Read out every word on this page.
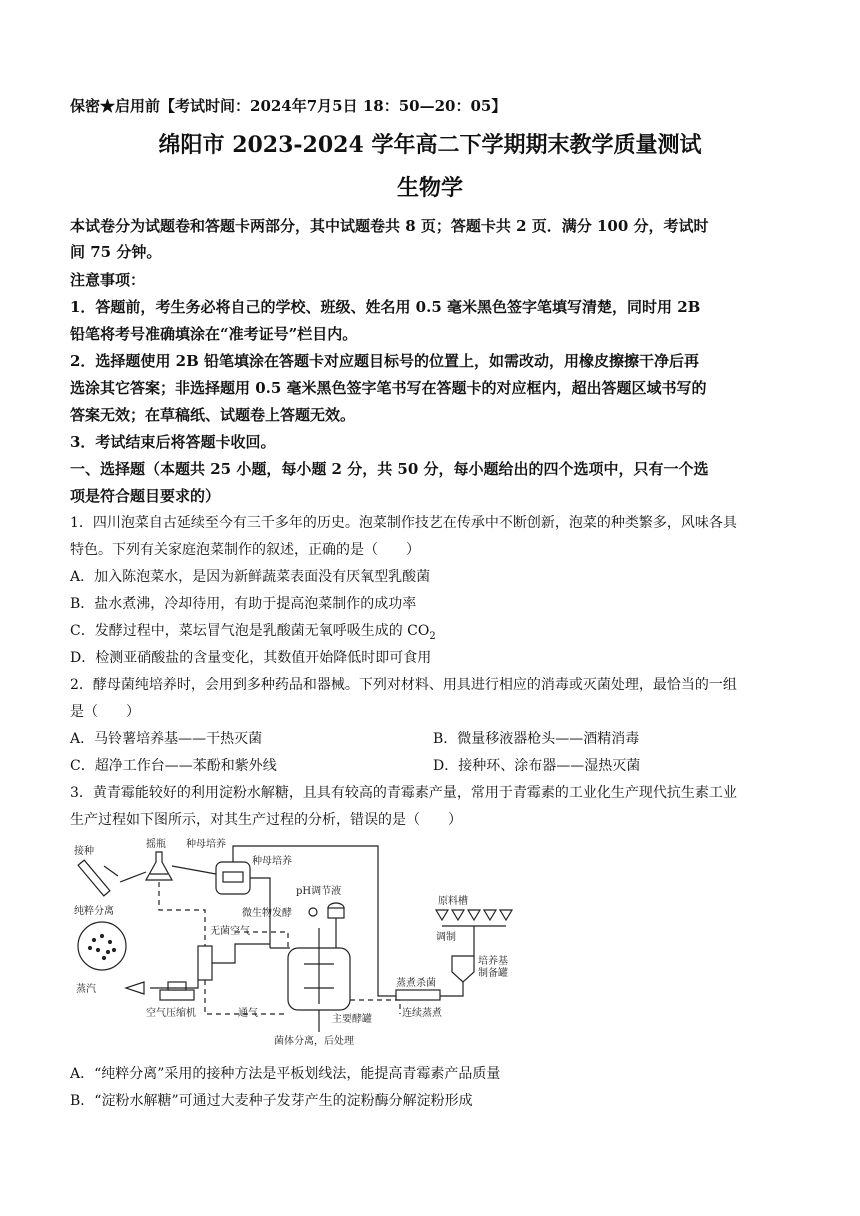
保密★启用前【考试时间：2024年7月5日 18：50—20：05】
绵阳市 2023-2024 学年高二下学期期末教学质量测试
生物学
本试卷分为试题卷和答题卡两部分，其中试题卷共 8 页；答题卡共 2 页．满分 100 分，考试时
间 75 分钟。
注意事项：
1．答题前，考生务必将自己的学校、班级、姓名用 0.5 毫米黑色签字笔填写清楚，同时用 2B
铅笔将考号准确填涂在“准考证号”栏目内。
2．选择题使用 2B 铅笔填涂在答题卡对应题目标号的位置上，如需改动，用橡皮擦擦干净后再
选涂其它答案；非选择题用 0.5 毫米黑色签字笔书写在答题卡的对应框内，超出答题区域书写的
答案无效；在草稿纸、试题卷上答题无效。
3．考试结束后将答题卡收回。
一、选择题（本题共 25 小题，每小题 2 分，共 50 分，每小题给出的四个选项中，只有一个选
项是符合题目要求的）
1．四川泡菜自古延续至今有三千多年的历史。泡菜制作技艺在传承中不断创新，泡菜的种类繁多，风味各具
特色。下列有关家庭泡菜制作的叙述，正确的是（　　）
A．加入陈泡菜水，是因为新鲜蔬菜表面没有厌氧型乳酸菌
B．盐水煮沸，冷却待用，有助于提高泡菜制作的成功率
C．发酵过程中，菜坛冒气泡是乳酸菌无氧呼吸生成的 $CO_2$
D．检测亚硝酸盐的含量变化，其数值开始降低时即可食用
2．酵母菌纯培养时，会用到多种药品和器械。下列对材料、用具进行相应的消毒或灭菌处理，最恰当的一组
是（　　）
A．马铃薯培养基——干热灭菌	B．微量移液器枪头——酒精消毒
C．超净工作台——苯酚和紫外线	D．接种环、涂布器——湿热灭菌
3．黄青霉能较好的利用淀粉水解糖，且具有较高的青霉素产量，常用于青霉素的工业化生产现代抗生素工业
生产过程如下图所示，对其生产过程的分析，错误的是（　　）
接种
摇瓶 种母培养
种母培养
pH调节液
纯粹分离	微生物发酵
无菌空气
原料槽
调制
培养基
制备罐
蒸汽
空气压缩机	通气
主要酵罐
蒸煮杀菌
连续蒸煮
菌体分离，后处理
A．“纯粹分离”采用的接种方法是平板划线法，能提高青霉素产品质量
B．“淀粉水解糖”可通过大麦种子发芽产生的淀粉酶分解淀粉形成
